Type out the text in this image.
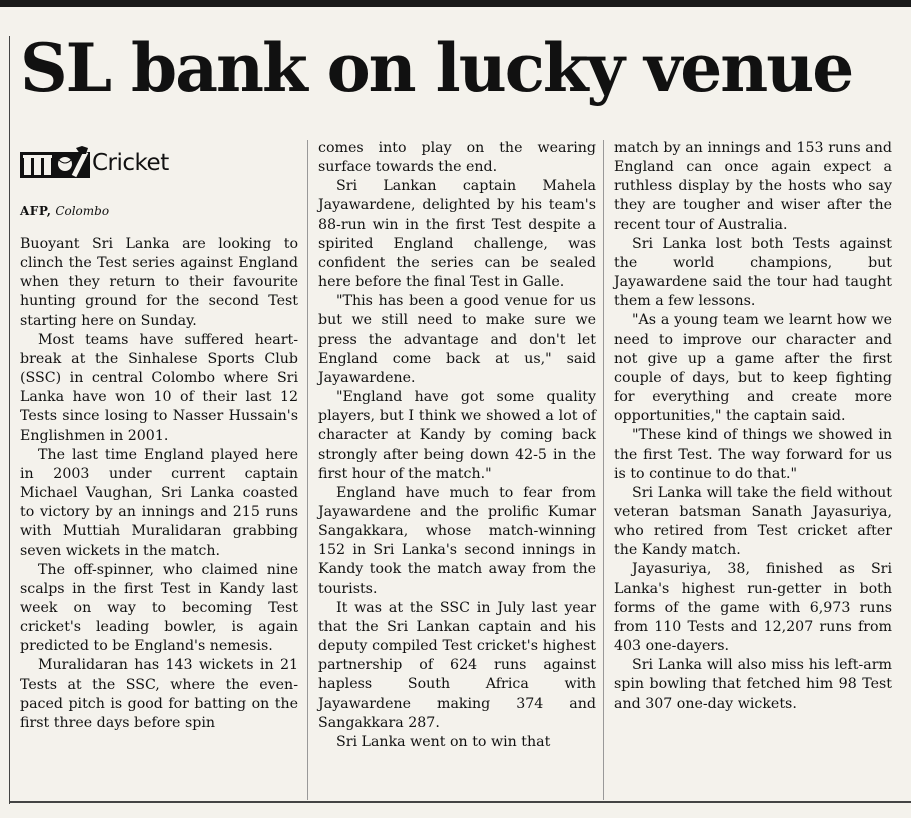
SL bank on lucky venue
Cricket
AFP, Colombo

Buoyant Sri Lanka are looking to clinch the Test series against England when they return to their favourite hunting ground for the second Test starting here on Sunday.

Most teams have suffered heart-break at the Sinhalese Sports Club (SSC) in central Colombo where Sri Lanka have won 10 of their last 12 Tests since losing to Nasser Hussain's Englishmen in 2001.

The last time England played here in 2003 under current captain Michael Vaughan, Sri Lanka coasted to victory by an innings and 215 runs with Muttiah Muralidaran grabbing seven wickets in the match.

The off-spinner, who claimed nine scalps in the first Test in Kandy last week on way to becoming Test cricket's leading bowler, is again predicted to be England's nemesis.

Muralidaran has 143 wickets in 21 Tests at the SSC, where the even-paced pitch is good for batting on the first three days before spin

comes into play on the wearing surface towards the end.

Sri Lankan captain Mahela Jayawardene, delighted by his team's 88-run win in the first Test despite a spirited England challenge, was confident the series can be sealed here before the final Test in Galle.

"This has been a good venue for us but we still need to make sure we press the advantage and don't let England come back at us," said Jayawardene.

"England have got some quality players, but I think we showed a lot of character at Kandy by coming back strongly after being down 42-5 in the first hour of the match."

England have much to fear from Jayawardene and the prolific Kumar Sangakkara, whose match-winning 152 in Sri Lanka's second innings in Kandy took the match away from the tourists.

It was at the SSC in July last year that the Sri Lankan captain and his deputy compiled Test cricket's highest partnership of 624 runs against hapless South Africa with Jayawardene making 374 and Sangakkara 287.

Sri Lanka went on to win that

match by an innings and 153 runs and England can once again expect a ruthless display by the hosts who say they are tougher and wiser after the recent tour of Australia.

Sri Lanka lost both Tests against the world champions, but Jayawardene said the tour had taught them a few lessons.

"As a young team we learnt how we need to improve our character and not give up a game after the first couple of days, but to keep fighting for everything and create more opportunities," the captain said.

"These kind of things we showed in the first Test. The way forward for us is to continue to do that."

Sri Lanka will take the field without veteran batsman Sanath Jayasuriya, who retired from Test cricket after the Kandy match.

Jayasuriya, 38, finished as Sri Lanka's highest run-getter in both forms of the game with 6,973 runs from 110 Tests and 12,207 runs from 403 one-dayers.

Sri Lanka will also miss his left-arm spin bowling that fetched him 98 Test and 307 one-day wickets.
